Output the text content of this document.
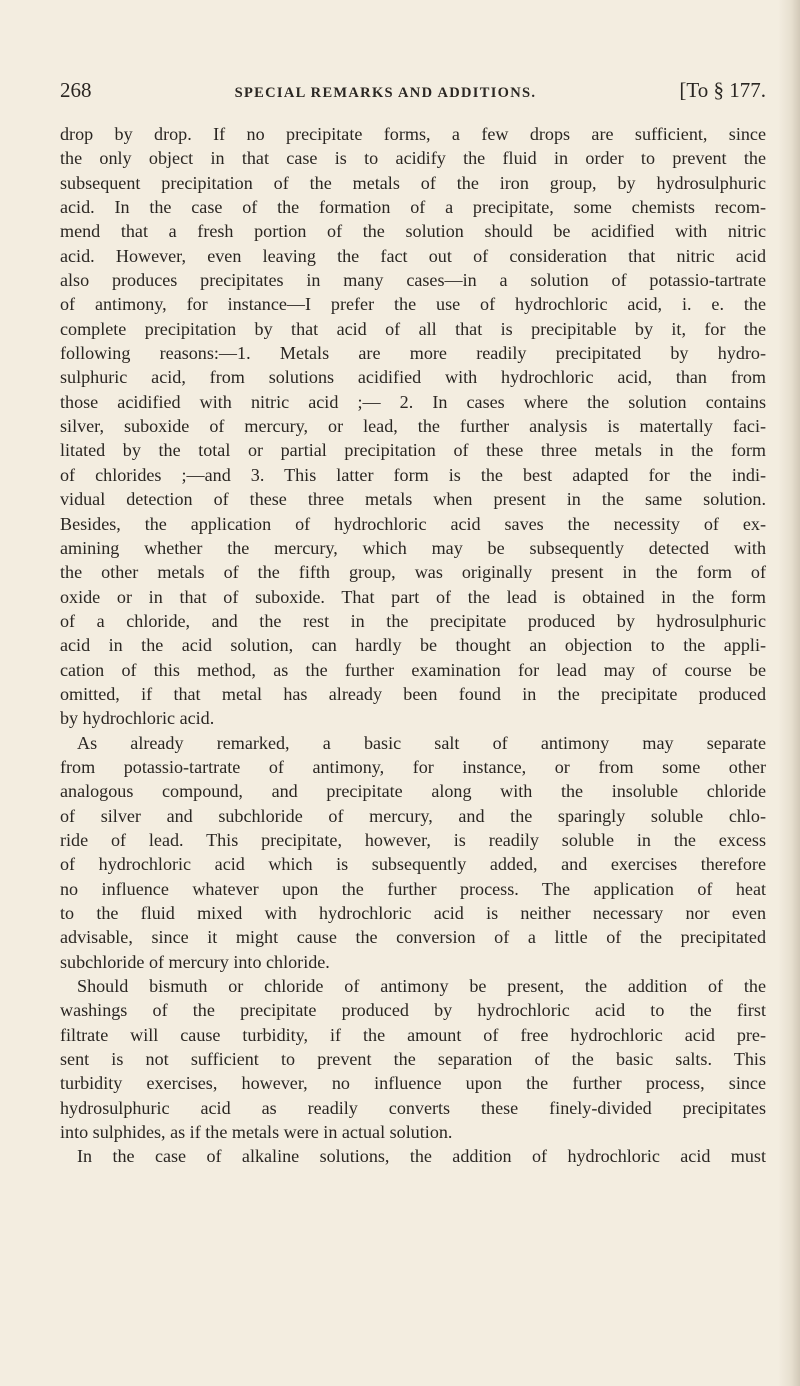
268	SPECIAL REMARKS AND ADDITIONS.	[To § 177.
drop by drop. If no precipitate forms, a few drops are sufficient, since
the only object in that case is to acidify the fluid in order to prevent the
subsequent precipitation of the metals of the iron group, by hydrosulphuric
acid. In the case of the formation of a precipitate, some chemists recom-
mend that a fresh portion of the solution should be acidified with nitric
acid. However, even leaving the fact out of consideration that nitric acid
also produces precipitates in many cases—in a solution of potassio-tartrate
of antimony, for instance—I prefer the use of hydrochloric acid, i. e. the
complete precipitation by that acid of all that is precipitable by it, for the
following reasons:—1. Metals are more readily precipitated by hydro-
sulphuric acid, from solutions acidified with hydrochloric acid, than from
those acidified with nitric acid ;— 2. In cases where the solution contains
silver, suboxide of mercury, or lead, the further analysis is matertally faci-
litated by the total or partial precipitation of these three metals in the form
of chlorides ;—and 3. This latter form is the best adapted for the indi-
vidual detection of these three metals when present in the same solution.
Besides, the application of hydrochloric acid saves the necessity of ex-
amining whether the mercury, which may be subsequently detected with
the other metals of the fifth group, was originally present in the form of
oxide or in that of suboxide. That part of the lead is obtained in the form
of a chloride, and the rest in the precipitate produced by hydrosulphuric
acid in the acid solution, can hardly be thought an objection to the appli-
cation of this method, as the further examination for lead may of course be
omitted, if that metal has already been found in the precipitate produced
by hydrochloric acid.
As already remarked, a basic salt of antimony may separate
from potassio-tartrate of antimony, for instance, or from some other
analogous compound, and precipitate along with the insoluble chloride
of silver and subchloride of mercury, and the sparingly soluble chlo-
ride of lead. This precipitate, however, is readily soluble in the excess
of hydrochloric acid which is subsequently added, and exercises therefore
no influence whatever upon the further process. The application of heat
to the fluid mixed with hydrochloric acid is neither necessary nor even
advisable, since it might cause the conversion of a little of the precipitated
subchloride of mercury into chloride.
Should bismuth or chloride of antimony be present, the addition of the
washings of the precipitate produced by hydrochloric acid to the first
filtrate will cause turbidity, if the amount of free hydrochloric acid pre-
sent is not sufficient to prevent the separation of the basic salts. This
turbidity exercises, however, no influence upon the further process, since
hydrosulphuric acid as readily converts these finely-divided precipitates
into sulphides, as if the metals were in actual solution.
In the case of alkaline solutions, the addition of hydrochloric acid must
